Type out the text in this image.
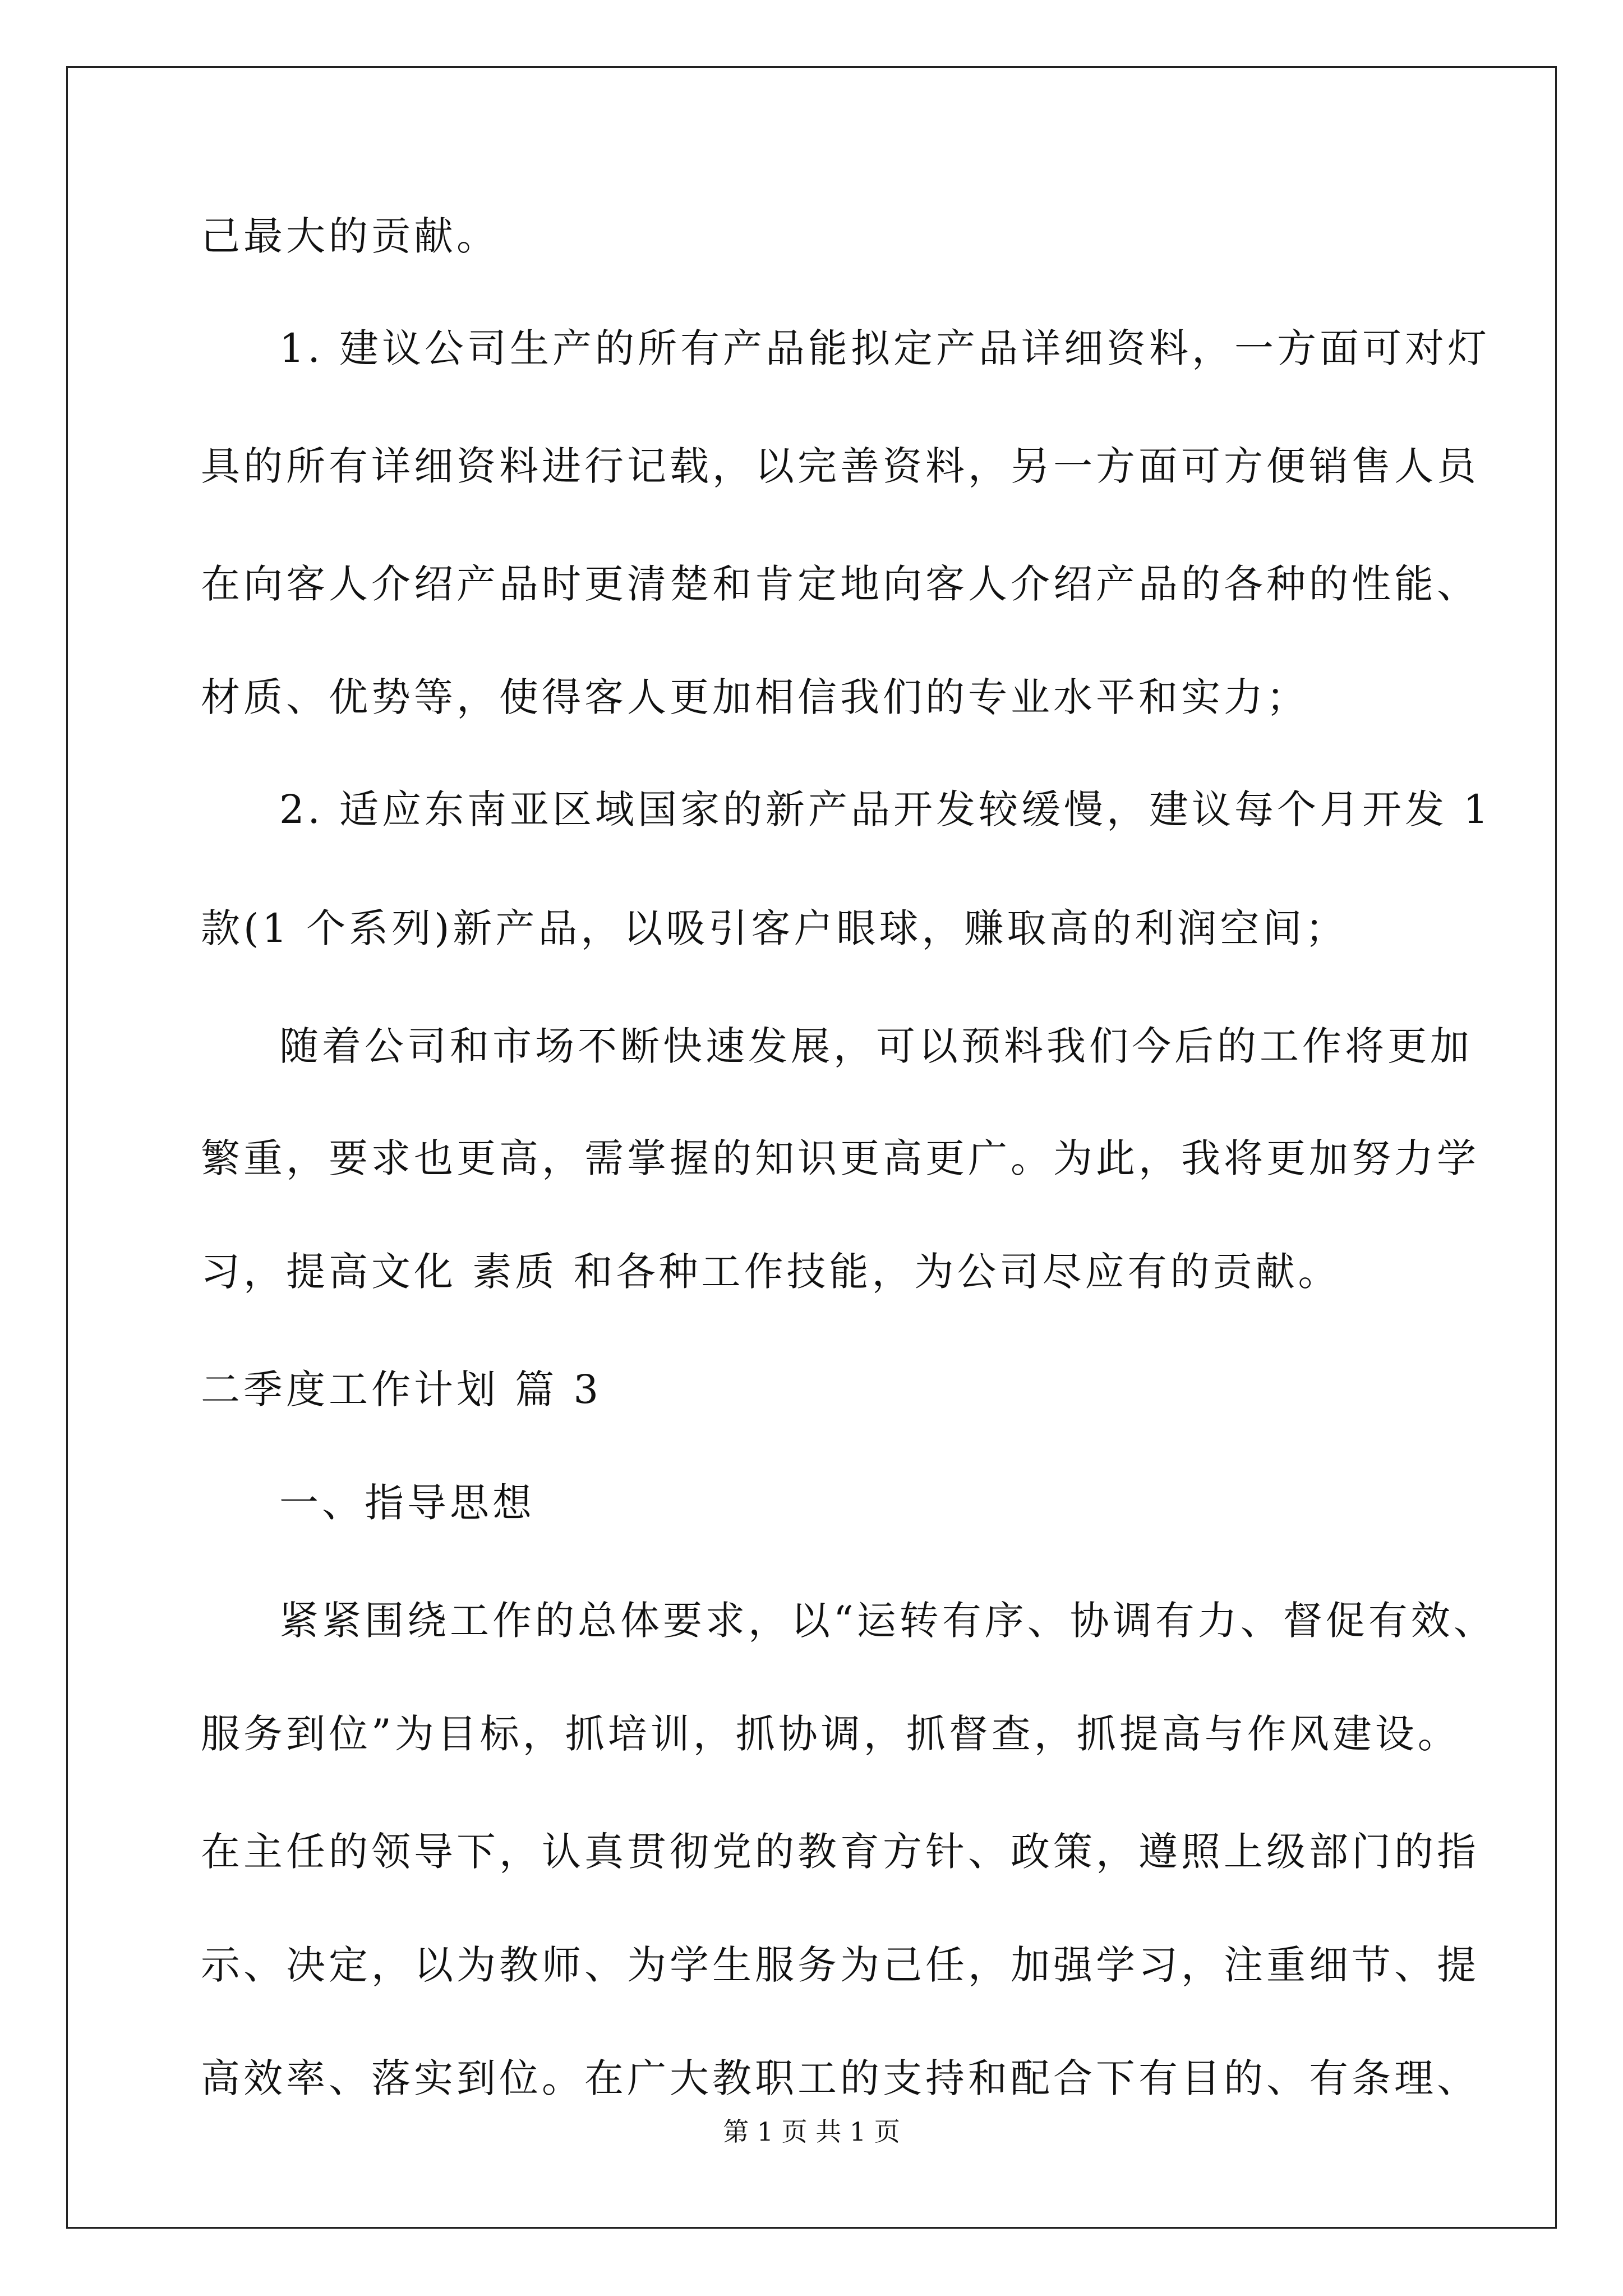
己最大的贡献。
1. 建议公司生产的所有产品能拟定产品详细资料，一方面可对灯
具的所有详细资料进行记载，以完善资料，另一方面可方便销售人员
在向客人介绍产品时更清楚和肯定地向客人介绍产品的各种的性能、
材质、优势等，使得客人更加相信我们的专业水平和实力；
2. 适应东南亚区域国家的新产品开发较缓慢，建议每个月开发 1
款(1 个系列)新产品，以吸引客户眼球，赚取高的利润空间；
随着公司和市场不断快速发展，可以预料我们今后的工作将更加
繁重，要求也更高，需掌握的知识更高更广。为此，我将更加努力学
习，提高文化 素质 和各种工作技能，为公司尽应有的贡献。
二季度工作计划 篇 3
一、指导思想
紧紧围绕工作的总体要求，以“运转有序、协调有力、督促有效、
服务到位”为目标，抓培训，抓协调，抓督查，抓提高与作风建设。
在主任的领导下，认真贯彻党的教育方针、政策，遵照上级部门的指
示、决定，以为教师、为学生服务为己任，加强学习，注重细节、提
高效率、落实到位。在广大教职工的支持和配合下有目的、有条理、
第 1 页 共 1 页
